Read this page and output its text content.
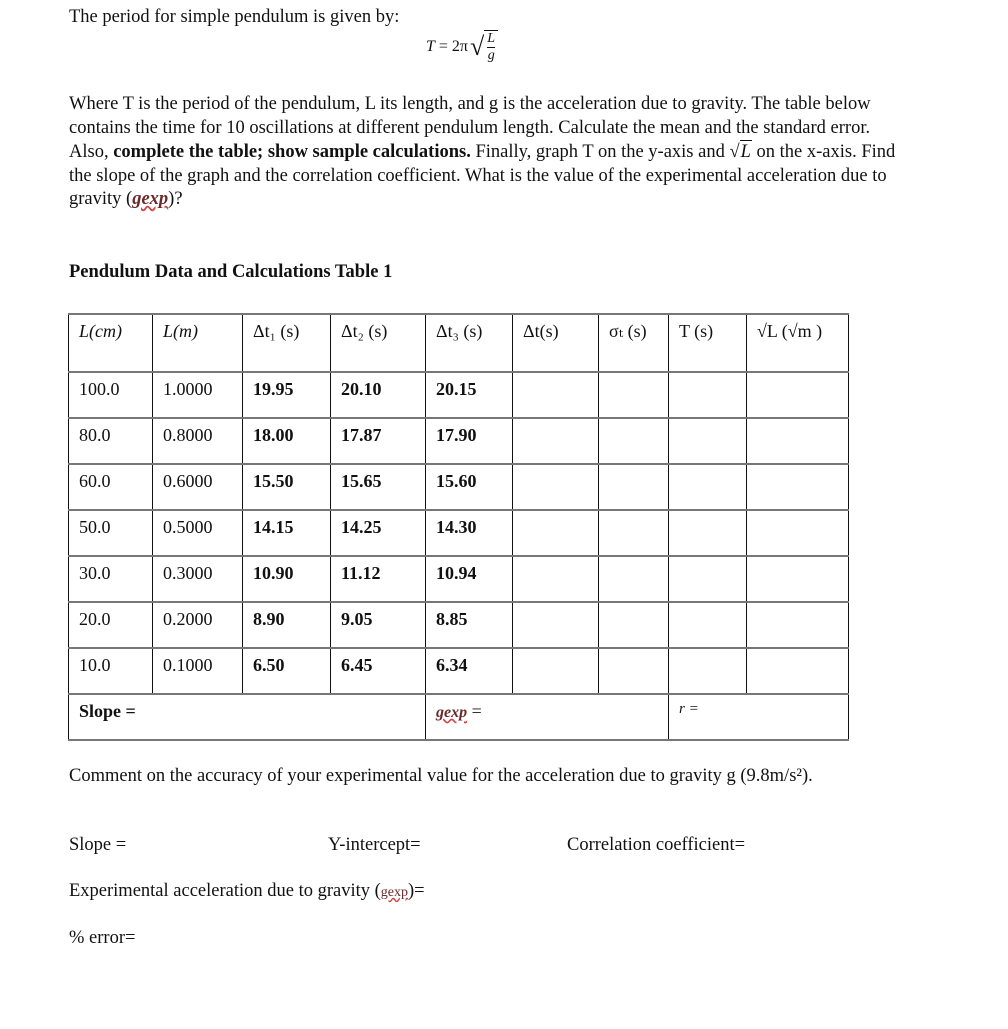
The period for simple pendulum is given by:
T
= 2π √ $\frac{L}{g}$
Where T is the period of the pendulum, L its length, and g is the acceleration due to gravity. The table below contains the time for 10 oscillations at different pendulum length. Calculate the mean and the standard error. Also, complete the table; show sample calculations. Finally, graph T on the y-axis and √L on the x-axis. Find the slope of the graph and the correlation coefficient. What is the value of the experimental acceleration due to gravity (gexp)?
Pendulum Data and Calculations Table 1
L(cm)	L(m)	Δt₁ (s)	Δt₂ (s)	Δt₃ (s)	Δt(s)	σₜ (s)	T (s)	√L (√m )
100.0	1.0000	19.95	20.10	20.15				
80.0	0.8000	18.00	17.87	17.90				
60.0	0.6000	15.50	15.65	15.60				
50.0	0.5000	14.15	14.25	14.30				
30.0	0.3000	10.90	11.12	10.94				
20.0	0.2000	8.90	9.05	8.85				
10.0	0.1000	6.50	6.45	6.34				
Slope =				gexp =			r =	
Comment on the accuracy of your experimental value for the acceleration due to gravity g (9.8m/s²).
Slope =	Y-intercept=	Correlation coefficient=
Experimental acceleration due to gravity (gexp)=
% error=
